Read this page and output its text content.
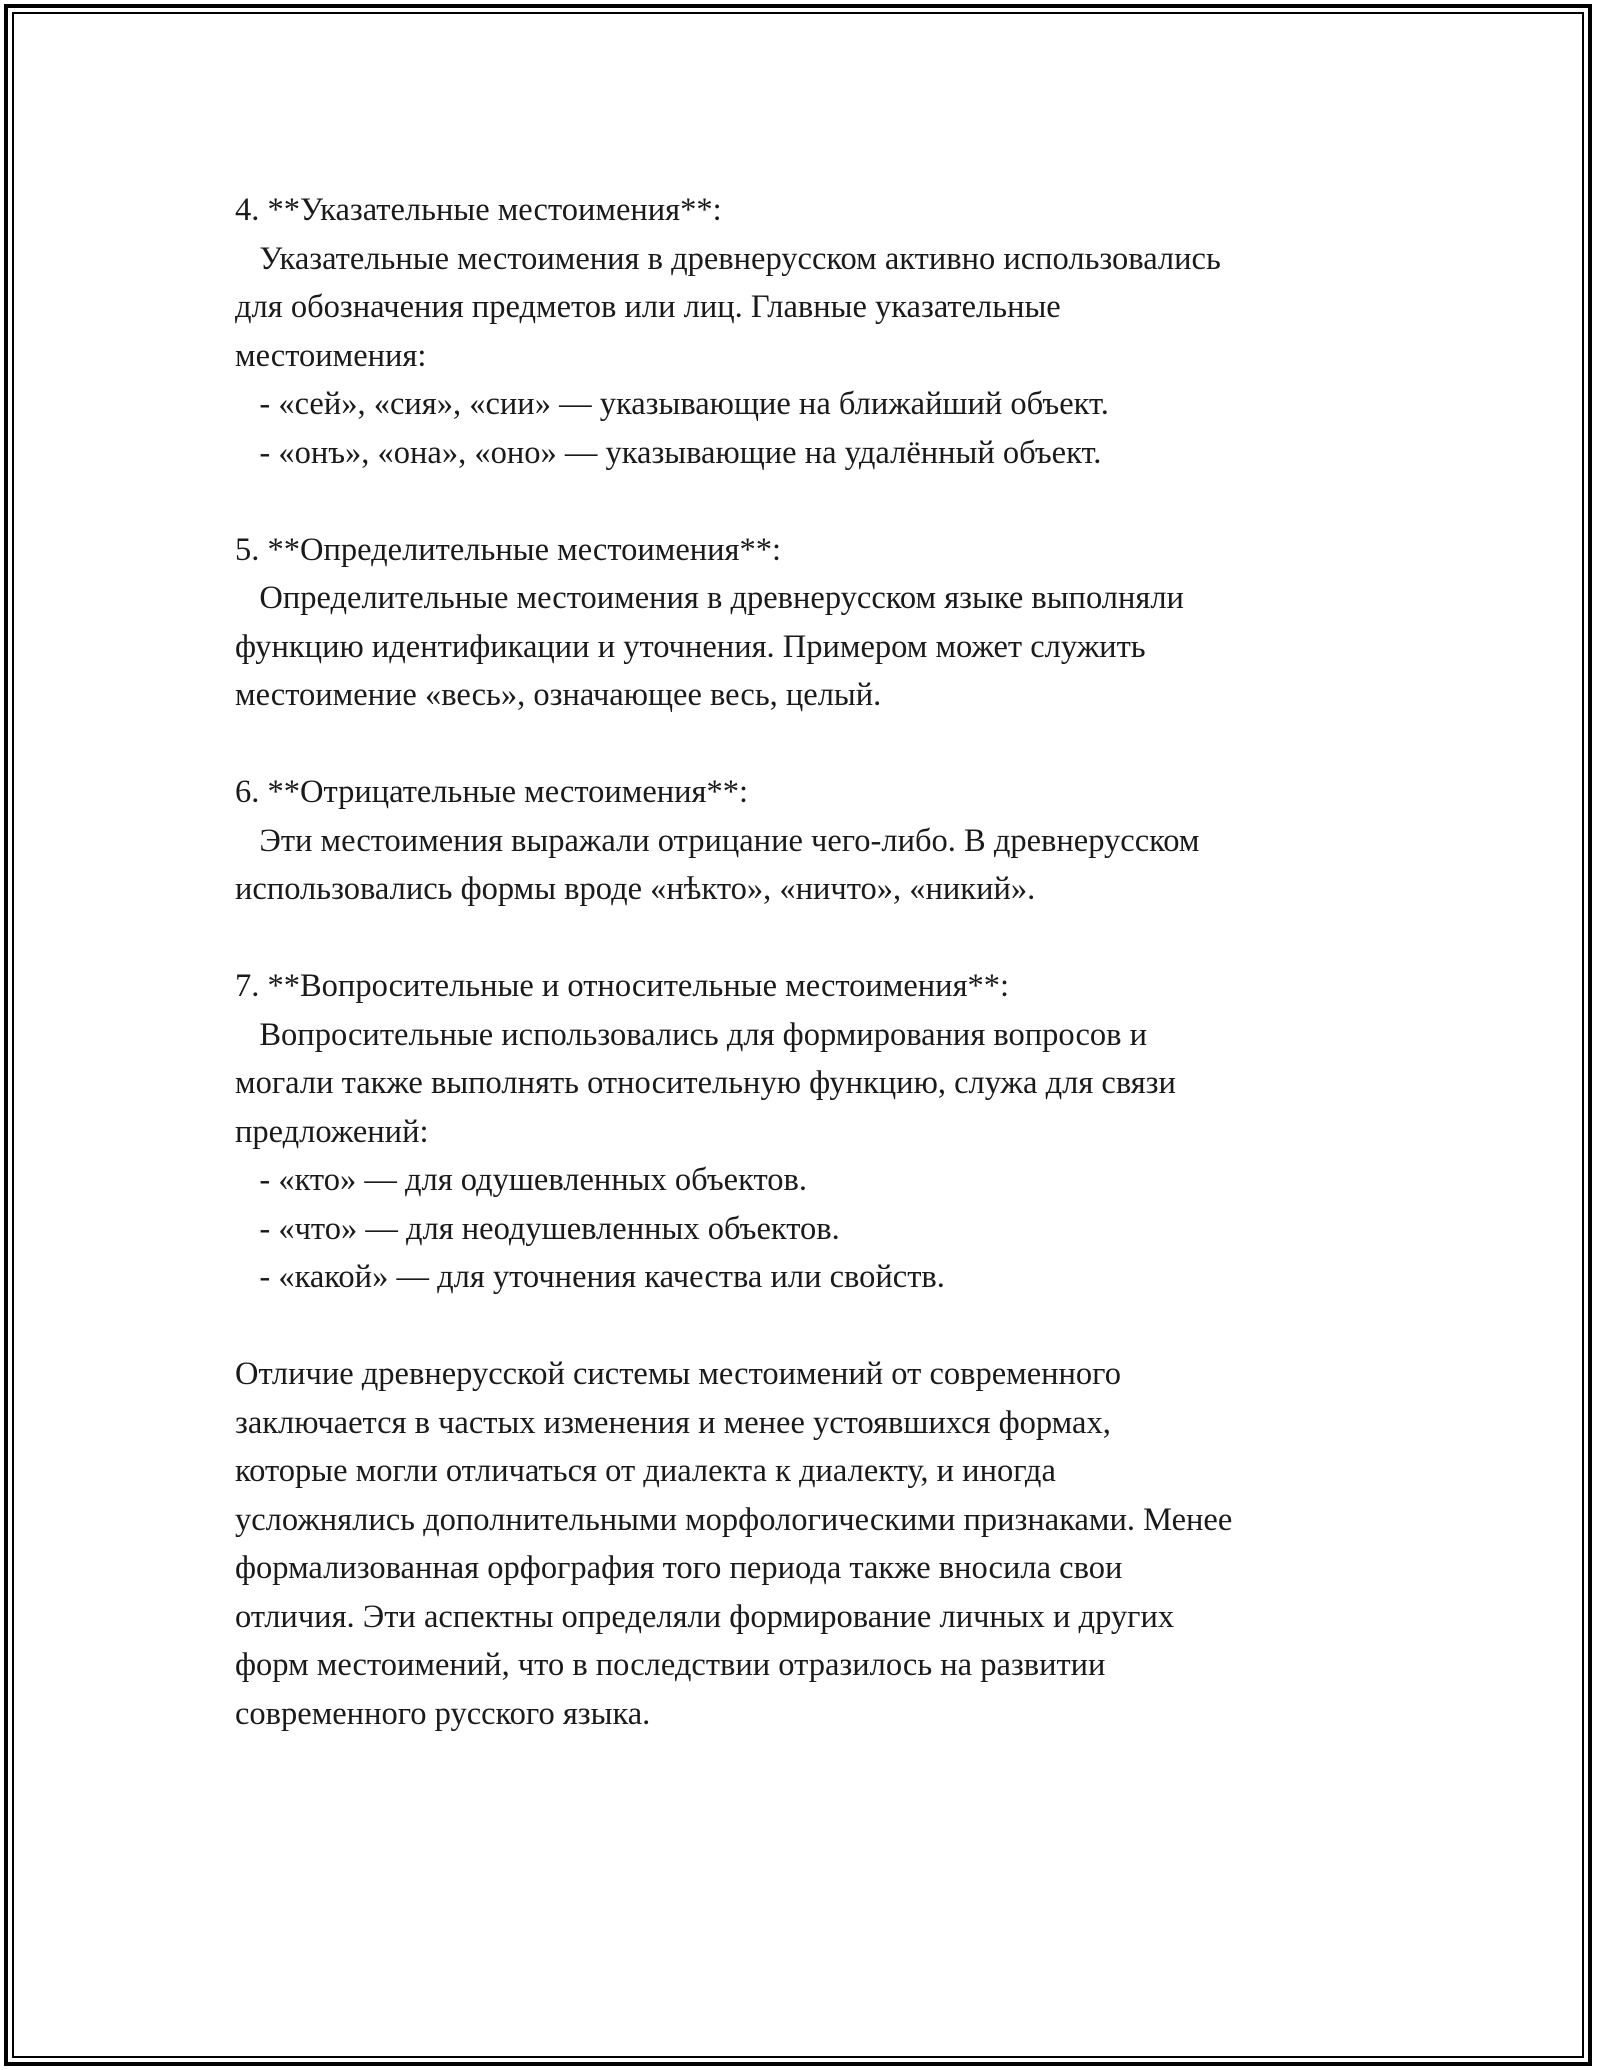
4. **Указательные местоимения**:
Указательные местоимения в древнерусском активно использовались
для обозначения предметов или лиц. Главные указательные
местоимения:
- «сей», «сия», «сии» — указывающие на ближайший объект.
- «онъ», «она», «оно» — указывающие на удалённый объект.
5. **Определительные местоимения**:
Определительные местоимения в древнерусском языке выполняли
функцию идентификации и уточнения. Примером может служить
местоимение «весь», означающее весь, целый.
6. **Отрицательные местоимения**:
Эти местоимения выражали отрицание чего-либо. В древнерусском
использовались формы вроде «нѣкто», «ничто», «никий».
7. **Вопросительные и относительные местоимения**:
Вопросительные использовались для формирования вопросов и
могали также выполнять относительную функцию, служа для связи
предложений:
- «кто» — для одушевленных объектов.
- «что» — для неодушевленных объектов.
- «какой» — для уточнения качества или свойств.
Отличие древнерусской системы местоимений от современного
заключается в частых изменения и менее устоявшихся формах,
которые могли отличаться от диалекта к диалекту, и иногда
усложнялись дополнительными морфологическими признаками. Менее
формализованная орфография того периода также вносила свои
отличия. Эти аспектны определяли формирование личных и других
форм местоимений, что в последствии отразилось на развитии
современного русского языка.
